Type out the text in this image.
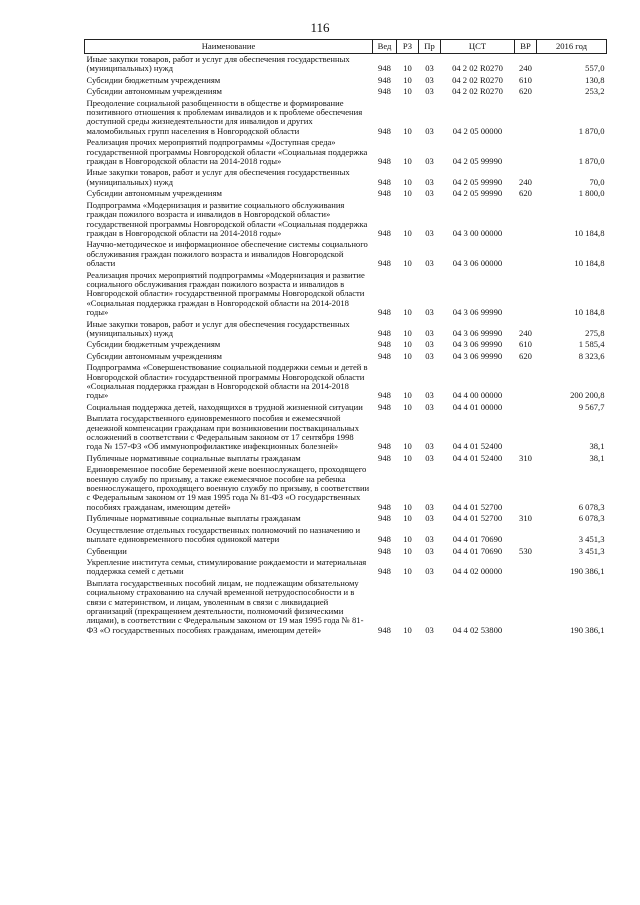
116
Наименование	Вед	РЗ	Пр	ЦСТ	ВР	2016 год
Иные закупки товаров, работ и услуг для обеспечения государственных (муниципальных) нужд	948	10	03	04 2 02 R0270	240	557,0
Субсидии бюджетным учреждениям	948	10	03	04 2 02 R0270	610	130,8
Субсидии автономным учреждениям	948	10	03	04 2 02 R0270	620	253,2
Преодоление социальной разобщенности в обществе и формирование позитивного отношения к проблемам инвалидов и к проблеме обеспечения доступной среды жизнедеятельности для инвалидов и других маломобильных групп населения в Новгородской области	948	10	03	04 2 05 00000		1 870,0
Реализация прочих мероприятий подпрограммы «Доступная среда» государственной программы Новгородской области «Социальная поддержка граждан в Новгородской области на 2014-2018 годы»	948	10	03	04 2 05 99990		1 870,0
Иные закупки товаров, работ и услуг для обеспечения государственных (муниципальных) нужд	948	10	03	04 2 05 99990	240	70,0
Субсидии автономным учреждениям	948	10	03	04 2 05 99990	620	1 800,0
Подпрограмма «Модернизация и развитие социального обслуживания граждан пожилого возраста и инвалидов в Новгородской области» государственной программы Новгородской области «Социальная поддержка граждан в Новгородской области на 2014-2018 годы»	948	10	03	04 3 00 00000		10 184,8
Научно-методическое и информационное обеспечение системы социального обслуживания граждан пожилого возраста и инвалидов Новгородской области	948	10	03	04 3 06 00000		10 184,8
Реализация прочих мероприятий подпрограммы «Модернизация и развитие социального обслуживания граждан пожилого возраста и инвалидов в Новгородской области» государственной программы Новгородской области «Социальная поддержка граждан в Новгородской области на 2014-2018 годы»	948	10	03	04 3 06 99990		10 184,8
Иные закупки товаров, работ и услуг для обеспечения государственных (муниципальных) нужд	948	10	03	04 3 06 99990	240	275,8
Субсидии бюджетным учреждениям	948	10	03	04 3 06 99990	610	1 585,4
Субсидии автономным учреждениям	948	10	03	04 3 06 99990	620	8 323,6
Подпрограмма «Совершенствование социальной поддержки семьи и детей в Новгородской области» государственной программы Новгородской области «Социальная поддержка граждан в Новгородской области на 2014-2018 годы»	948	10	03	04 4 00 00000		200 200,8
Социальная поддержка детей, находящихся в трудной жизненной ситуации	948	10	03	04 4 01 00000		9 567,7
Выплата государственного единовременного пособия и ежемесячной денежной компенсации гражданам при возникновении поствакцинальных осложнений в соответствии с Федеральным законом от 17 сентября 1998 года № 157-ФЗ «Об иммунопрофилактике инфекционных болезней»	948	10	03	04 4 01 52400		38,1
Публичные нормативные социальные выплаты гражданам	948	10	03	04 4 01 52400	310	38,1
Единовременное пособие беременной жене военнослужащего, проходящего военную службу по призыву, а также ежемесячное пособие на ребенка военнослужащего, проходящего военную службу по призыву, в соответствии с Федеральным законом от 19 мая 1995 года № 81-ФЗ «О государственных пособиях гражданам, имеющим детей»	948	10	03	04 4 01 52700		6 078,3
Публичные нормативные социальные выплаты гражданам	948	10	03	04 4 01 52700	310	6 078,3
Осуществление отдельных государственных полномочий по назначению и выплате единовременного пособия одинокой матери	948	10	03	04 4 01 70690		3 451,3
Субвенции	948	10	03	04 4 01 70690	530	3 451,3
Укрепление института семьи, стимулирование рождаемости и материальная поддержка семей с детьми	948	10	03	04 4 02 00000		190 386,1
Выплата государственных пособий лицам, не подлежащим обязательному социальному страхованию на случай временной нетрудоспособности и в связи с материнством, и лицам, уволенным в связи с ликвидацией организаций (прекращением деятельности, полномочий физическими лицами), в соответствии с Федеральным законом от 19 мая 1995 года № 81-ФЗ «О государственных пособиях гражданам, имеющим детей»	948	10	03	04 4 02 53800		190 386,1
